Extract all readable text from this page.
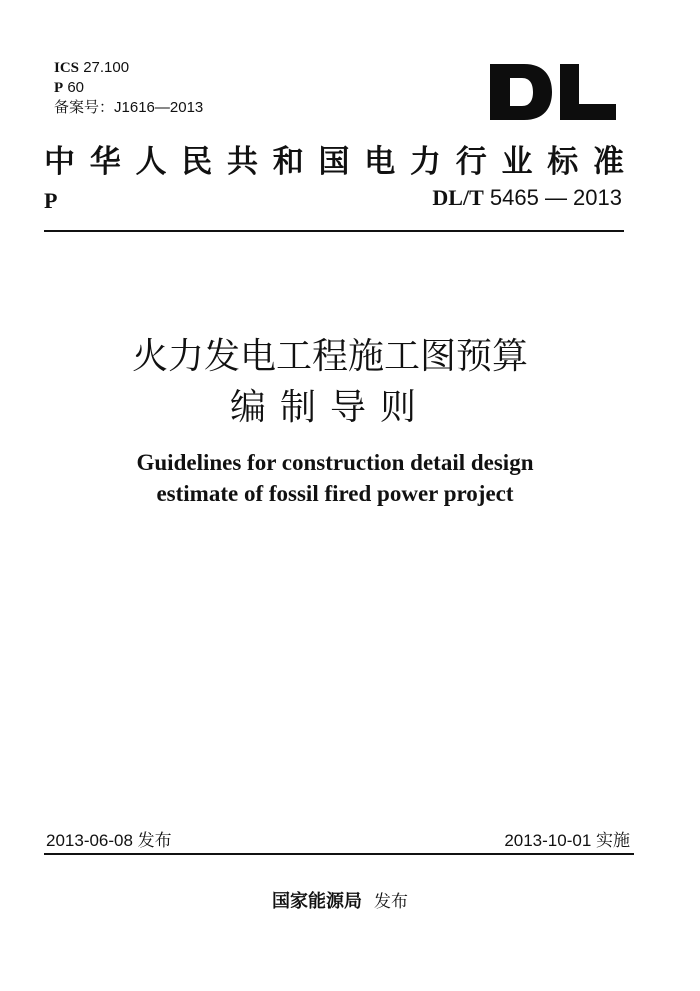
ICS 27.100
P 60
备案号：J1616—2013
中 华 人 民 共 和 国 电 力 行 业 标 准
P	DL/T 5465 — 2013
火力发电工程施工图预算
编制导则
Guidelines for construction detail design
estimate of fossil fired power project
2013-06-08 发布	2013-10-01 实施
国家能源局 发布
